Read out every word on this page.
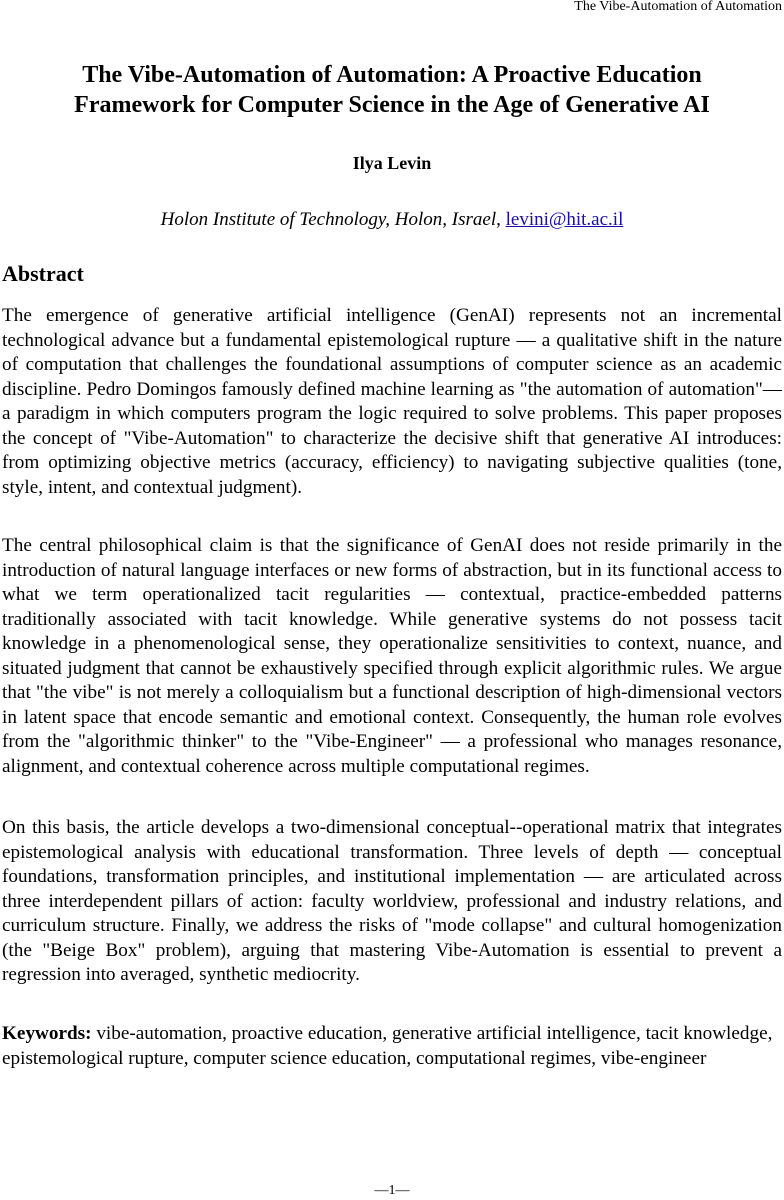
The Vibe-Automation of Automation
The Vibe-Automation of Automation: A Proactive Education
Framework for Computer Science in the Age of Generative AI
Ilya Levin
Holon Institute of Technology, Holon, Israel, levini@hit.ac.il
Abstract

The emergence of generative artificial intelligence (GenAI) represents not an incremental technological advance but a fundamental epistemological rupture — a qualitative shift in the nature of computation that challenges the foundational assumptions of computer science as an academic discipline. Pedro Domingos famously defined machine learning as "the automation of automation"—a paradigm in which computers program the logic required to solve problems. This paper proposes the concept of "Vibe-Automation" to characterize the decisive shift that generative AI introduces: from optimizing objective metrics (accuracy, efficiency) to navigating subjective qualities (tone, style, intent, and contextual judgment).

The central philosophical claim is that the significance of GenAI does not reside primarily in the introduction of natural language interfaces or new forms of abstraction, but in its functional access to what we term operationalized tacit regularities — contextual, practice-embedded patterns traditionally associated with tacit knowledge. While generative systems do not possess tacit knowledge in a phenomenological sense, they operationalize sensitivities to context, nuance, and situated judgment that cannot be exhaustively specified through explicit algorithmic rules. We argue that "the vibe" is not merely a colloquialism but a functional description of high-dimensional vectors in latent space that encode semantic and emotional context. Consequently, the human role evolves from the "algorithmic thinker" to the "Vibe-Engineer" — a professional who manages resonance, alignment, and contextual coherence across multiple computational regimes.

On this basis, the article develops a two-dimensional conceptual--operational matrix that integrates epistemological analysis with educational transformation. Three levels of depth — conceptual foundations, transformation principles, and institutional implementation — are articulated across three interdependent pillars of action: faculty worldview, professional and industry relations, and curriculum structure. Finally, we address the risks of "mode collapse" and cultural homogenization (the "Beige Box" problem), arguing that mastering Vibe-Automation is essential to prevent a regression into averaged, synthetic mediocrity.

Keywords: vibe-automation, proactive education, generative artificial intelligence, tacit knowledge, epistemological rupture, computer science education, computational regimes, vibe-engineer

—1—
